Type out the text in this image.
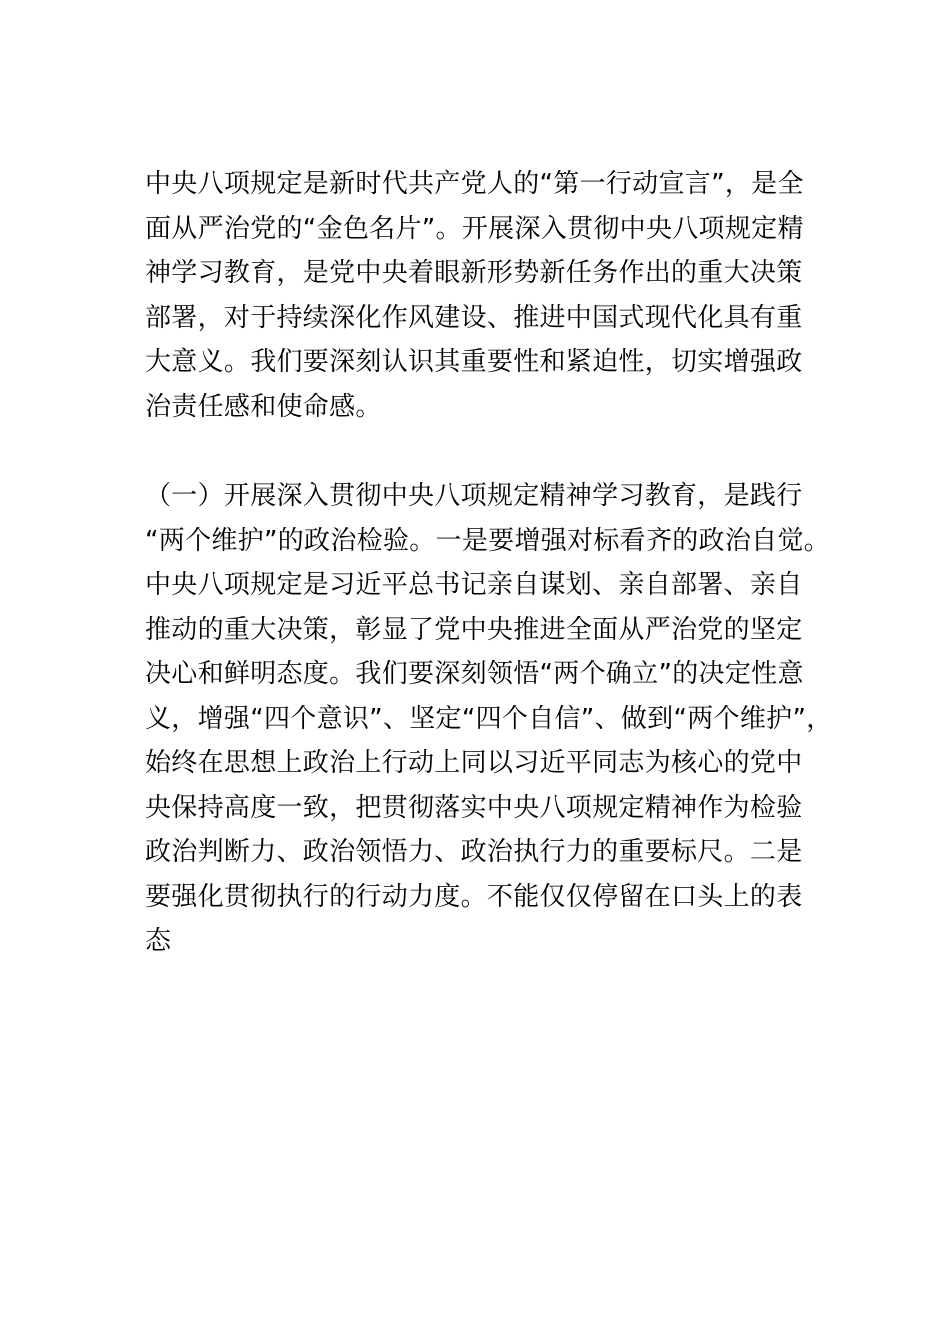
中央八项规定是新时代共产党人的“第一行动宣言”，是全
面从严治党的“金色名片”。开展深入贯彻中央八项规定精
神学习教育，是党中央着眼新形势新任务作出的重大决策
部署，对于持续深化作风建设、推进中国式现代化具有重
大意义。我们要深刻认识其重要性和紧迫性，切实增强政
治责任感和使命感。
（一）开展深入贯彻中央八项规定精神学习教育，是践行
“两个维护”的政治检验。一是要增强对标看齐的政治自觉。
中央八项规定是习近平总书记亲自谋划、亲自部署、亲自
推动的重大决策，彰显了党中央推进全面从严治党的坚定
决心和鲜明态度。我们要深刻领悟“两个确立”的决定性意
义，增强“四个意识”、坚定“四个自信”、做到“两个维护”，
始终在思想上政治上行动上同以习近平同志为核心的党中
央保持高度一致，把贯彻落实中央八项规定精神作为检验
政治判断力、政治领悟力、政治执行力的重要标尺。二是
要强化贯彻执行的行动力度。不能仅仅停留在口头上的表
态
